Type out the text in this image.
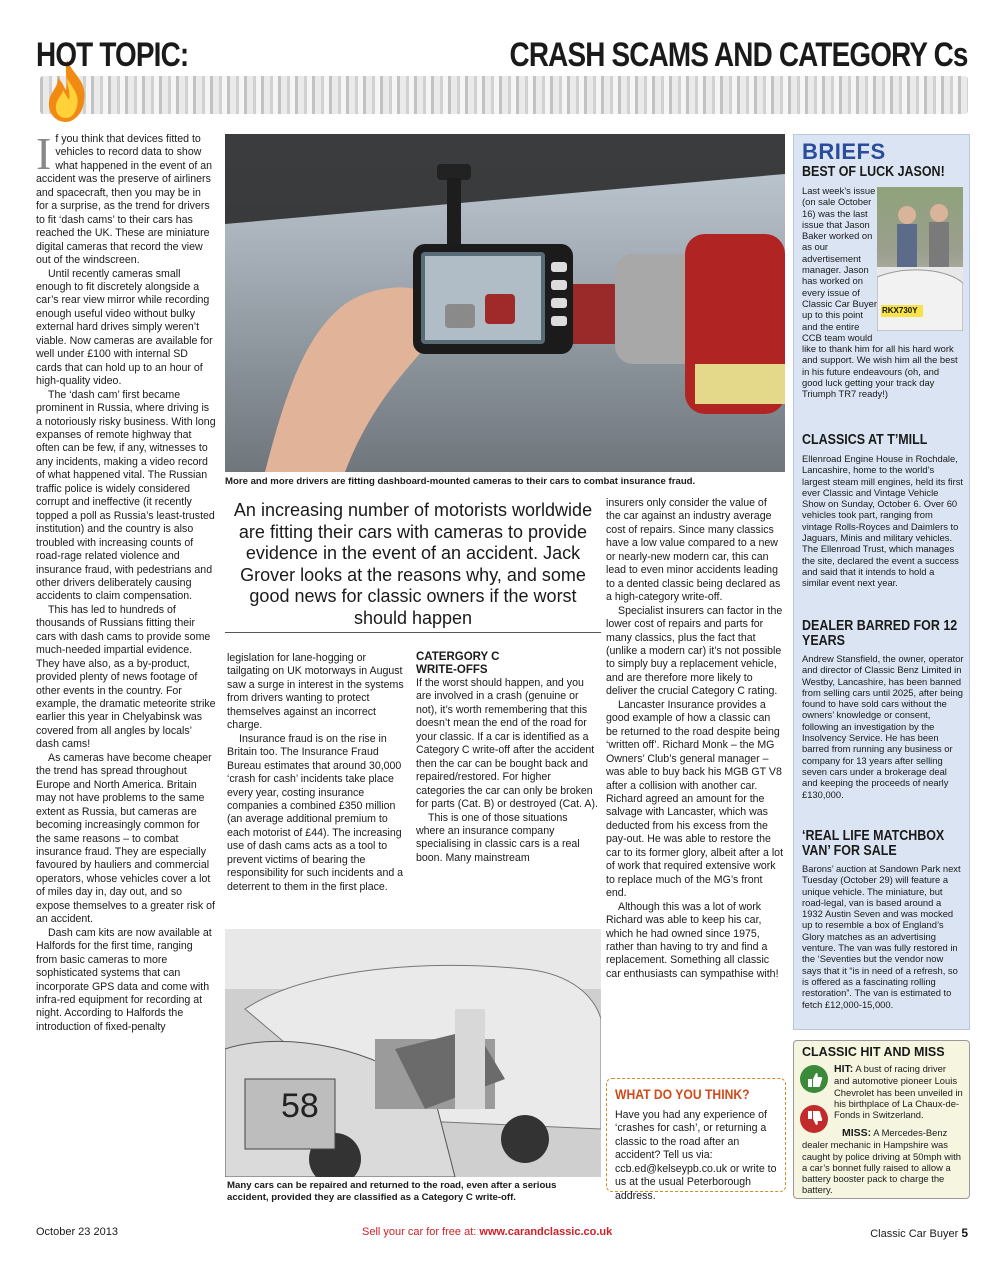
HOT TOPIC:	CRASH SCAMS AND CATEGORY Cs
I f you think that devices fitted to vehicles to record data to show what happened in the event of an accident was the preserve of airliners and spacecraft, then you may be in for a surprise, as the trend for drivers to fit ‘dash cams’ to their cars has reached the UK. These are miniature digital cameras that record the view out of the windscreen.

Until recently cameras small enough to fit discretely alongside a car’s rear view mirror while recording enough useful video without bulky external hard drives simply weren’t viable. Now cameras are available for well under £100 with internal SD cards that can hold up to an hour of high-quality video.

The ‘dash cam’ first became prominent in Russia, where driving is a notoriously risky business. With long expanses of remote highway that often can be few, if any, witnesses to any incidents, making a video record of what happened vital. The Russian traffic police is widely considered corrupt and ineffective (it recently topped a poll as Russia’s least-trusted institution) and the country is also troubled with increasing counts of road-rage related violence and insurance fraud, with pedestrians and other drivers deliberately causing accidents to claim compensation.

This has led to hundreds of thousands of Russians fitting their cars with dash cams to provide some much-needed impartial evidence. They have also, as a by-product, provided plenty of news footage of other events in the country. For example, the dramatic meteorite strike earlier this year in Chelyabinsk was covered from all angles by locals’ dash cams!

As cameras have become cheaper the trend has spread throughout Europe and North America. Britain may not have problems to the same extent as Russia, but cameras are becoming increasingly common for the same reasons – to combat insurance fraud. They are especially favoured by hauliers and commercial operators, whose vehicles cover a lot of miles day in, day out, and so expose themselves to a greater risk of an accident.

Dash cam kits are now available at Halfords for the first time, ranging from basic cameras to more sophisticated systems that can incorporate GPS data and come with infra-red equipment for recording at night. According to Halfords the introduction of fixed-penalty

More and more drivers are fitting dashboard-mounted cameras to their cars to combat insurance fraud.
An increasing number of motorists worldwide are fitting their cars with cameras to provide evidence in the event of an accident. Jack Grover looks at the reasons why, and some good news for classic owners if the worst should happen

legislation for lane-hogging or tailgating on UK motorways in August saw a surge in interest in the systems from drivers wanting to protect themselves against an incorrect charge.

Insurance fraud is on the rise in Britain too. The Insurance Fraud Bureau estimates that around 30,000 ‘crash for cash’ incidents take place every year, costing insurance companies a combined £350 million (an average additional premium to each motorist of £44). The increasing use of dash cams acts as a tool to prevent victims of bearing the responsibility for such incidents and a deterrent to them in the first place.

CATERGORY C WRITE-OFFS

If the worst should happen, and you are involved in a crash (genuine or not), it’s worth remembering that this doesn’t mean the end of the road for your classic. If a car is identified as a Category C write-off after the accident then the car can be bought back and repaired/restored. For higher categories the car can only be broken for parts (Cat. B) or destroyed (Cat. A).

This is one of those situations where an insurance company specialising in classic cars is a real boon. Many mainstream

insurers only consider the value of the car against an industry average cost of repairs. Since many classics have a low value compared to a new or nearly-new modern car, this can lead to even minor accidents leading to a dented classic being declared as a high-category write-off.

Specialist insurers can factor in the lower cost of repairs and parts for many classics, plus the fact that (unlike a modern car) it’s not possible to simply buy a replacement vehicle, and are therefore more likely to deliver the crucial Category C rating.

Lancaster Insurance provides a good example of how a classic can be returned to the road despite being ‘written off’. Richard Monk – the MG Owners’ Club’s general manager – was able to buy back his MGB GT V8 after a collision with another car. Richard agreed an amount for the salvage with Lancaster, which was deducted from his excess from the pay-out. He was able to restore the car to its former glory, albeit after a lot of work that required extensive work to replace much of the MG’s front end.

Although this was a lot of work Richard was able to keep his car, which he had owned since 1975, rather than having to try and find a replacement. Something all classic car enthusiasts can sympathise with!

58
Many cars can be repaired and returned to the road, even after a serious accident, provided they are classified as a Category C write-off.
WHAT DO YOU THINK?
Have you had any experience of ‘crashes for cash’, or returning a classic to the road after an accident? Tell us via: ccb.ed@kelseypb.co.uk or write to us at the usual Peterborough address.
BRIEFS
BEST OF LUCK JASON!
RKX730Y

Last week’s issue (on sale October 16) was the last issue that Jason Baker worked on as our advertisement manager. Jason has worked on every issue of Classic Car Buyer up to this point and the entire CCB team would like to thank him for all his hard work and support. We wish him all the best in his future endeavours (oh, and good luck getting your track day Triumph TR7 ready!)

CLASSICS AT T’MILL
Ellenroad Engine House in Rochdale, Lancashire, home to the world’s largest steam mill engines, held its first ever Classic and Vintage Vehicle Show on Sunday, October 6. Over 60 vehicles took part, ranging from vintage Rolls-Royces and Daimlers to Jaguars, Minis and military vehicles. The Ellenroad Trust, which manages the site, declared the event a success and said that it intends to hold a similar event next year.
DEALER BARRED FOR 12 YEARS
Andrew Stansfield, the owner, operator and director of Classic Benz Limited in Westby, Lancashire, has been banned from selling cars until 2025, after being found to have sold cars without the owners’ knowledge or consent, following an investigation by the Insolvency Service. He has been barred from running any business or company for 13 years after selling seven cars under a brokerage deal and keeping the proceeds of nearly £130,000.
‘REAL LIFE MATCHBOX VAN’ FOR SALE
Barons’ auction at Sandown Park next Tuesday (October 29) will feature a unique vehicle. The miniature, but road-legal, van is based around a 1932 Austin Seven and was mocked up to resemble a box of England’s Glory matches as an advertising venture. The van was fully restored in the ‘Seventies but the vendor now says that it “is in need of a refresh, so is offered as a fascinating rolling restoration”. The van is estimated to fetch £12,000-15,000.
CLASSIC HIT AND MISS
HIT: A bust of racing driver and automotive pioneer Louis Chevrolet has been unveiled in his birthplace of La Chaux-de-Fonds in Switzerland.
MISS: A Mercedes-Benz dealer mechanic in Hampshire was caught by police driving at 50mph with a car’s bonnet fully raised to allow a battery booster pack to charge the battery.
October 23 2013	Sell your car for free at: www.carandclassic.co.uk	Classic Car Buyer 5
